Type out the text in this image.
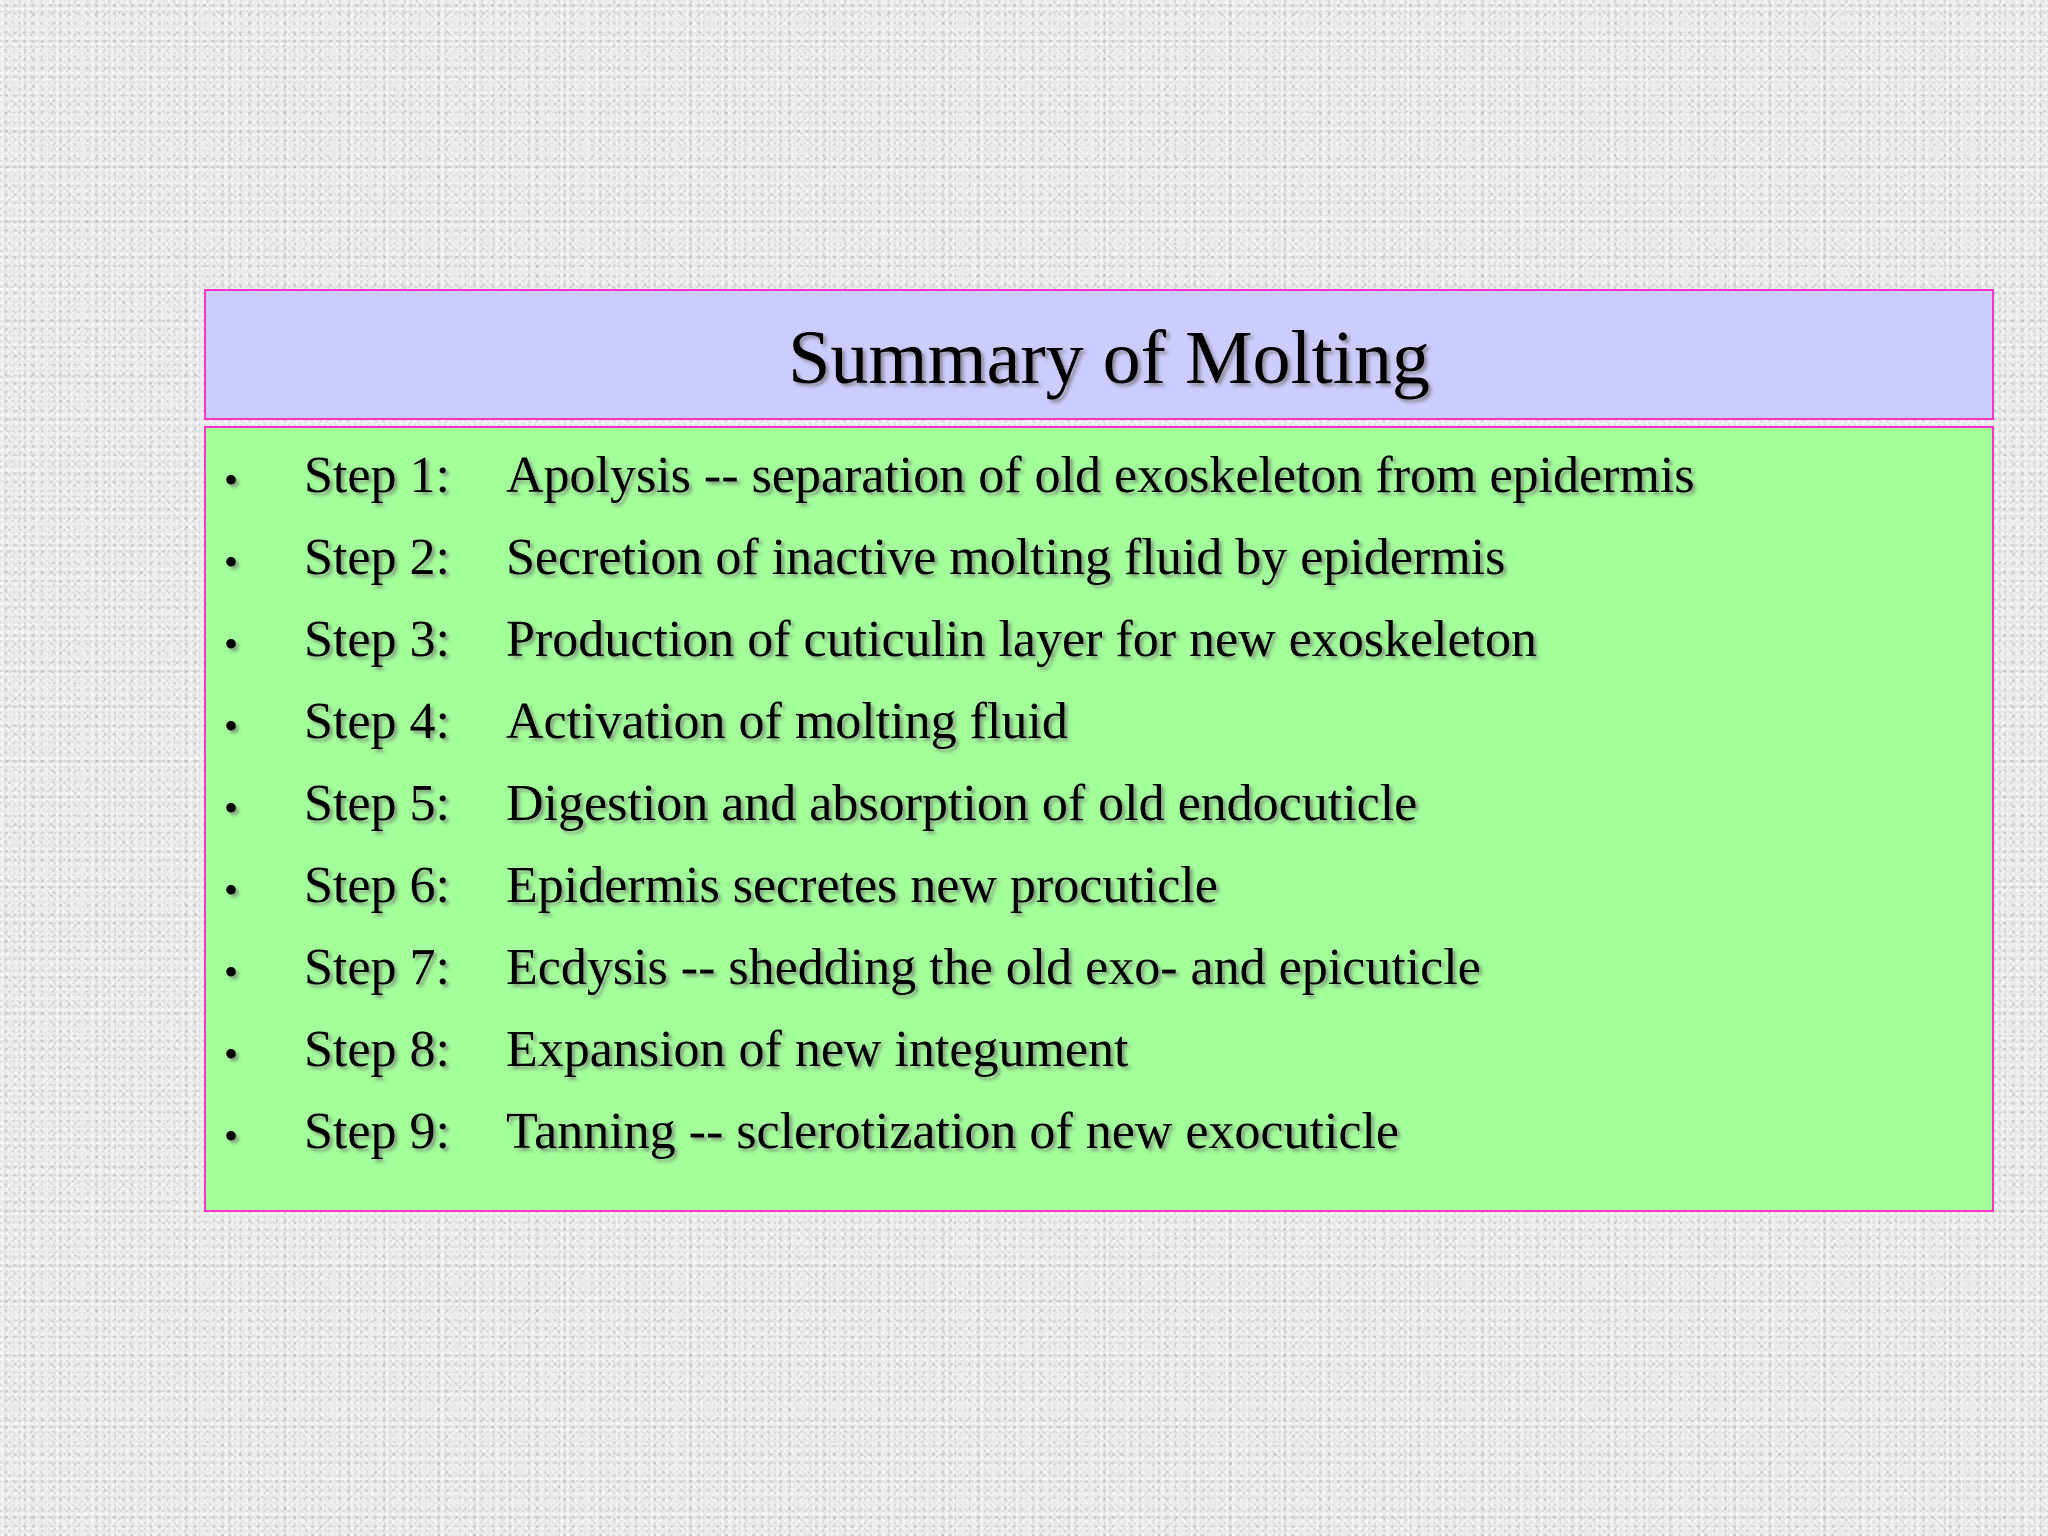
Summary of Molting
• Step 1: Apolysis -- separation of old exoskeleton from epidermis
• Step 2: Secretion of inactive molting fluid by epidermis
• Step 3: Production of cuticulin layer for new exoskeleton
• Step 4: Activation of molting fluid
• Step 5: Digestion and absorption of old endocuticle
• Step 6: Epidermis secretes new procuticle
• Step 7: Ecdysis -- shedding the old exo- and epicuticle
• Step 8: Expansion of new integument
• Step 9: Tanning -- sclerotization of new exocuticle
